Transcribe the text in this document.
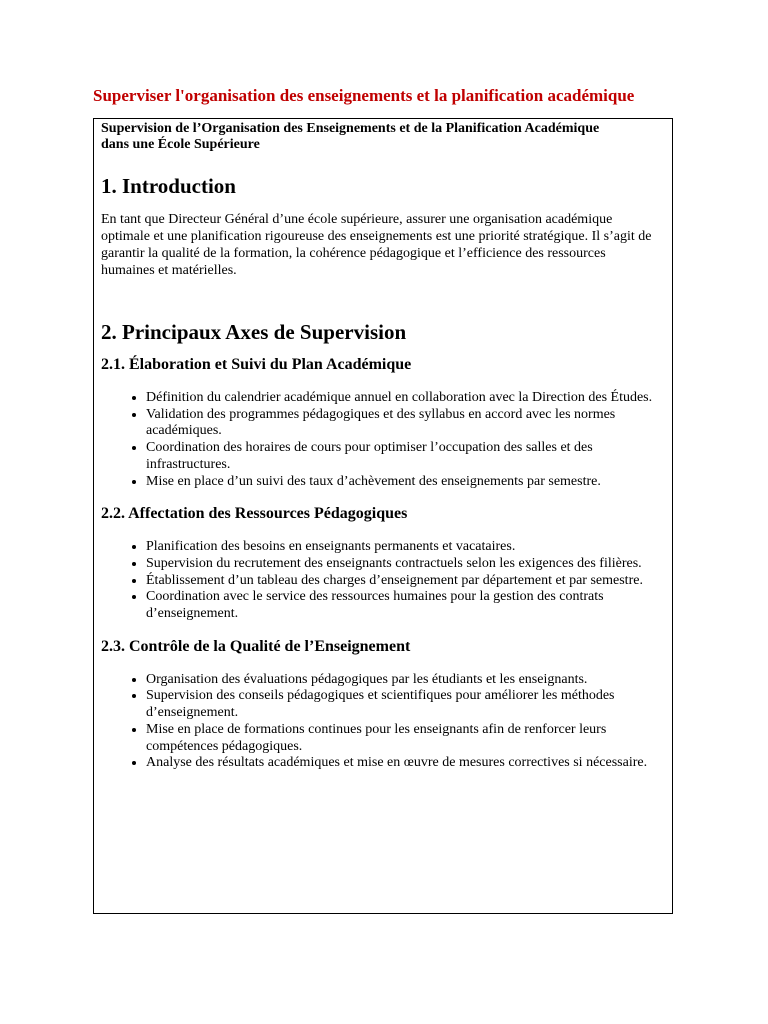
Superviser l'organisation des enseignements et la planification académique

Supervision de l’Organisation des Enseignements et de la Planification Académique
dans une École Supérieure

1. Introduction

En tant que Directeur Général d’une école supérieure, assurer une organisation académique optimale et une planification rigoureuse des enseignements est une priorité stratégique. Il s’agit de garantir la qualité de la formation, la cohérence pédagogique et l’efficience des ressources humaines et matérielles.

2. Principaux Axes de Supervision
2.1. Élaboration et Suivi du Plan Académique
• Définition du calendrier académique annuel en collaboration avec la Direction des Études.
• Validation des programmes pédagogiques et des syllabus en accord avec les normes académiques.
• Coordination des horaires de cours pour optimiser l’occupation des salles et des infrastructures.
• Mise en place d’un suivi des taux d’achèvement des enseignements par semestre.
2.2. Affectation des Ressources Pédagogiques
• Planification des besoins en enseignants permanents et vacataires.
• Supervision du recrutement des enseignants contractuels selon les exigences des filières.
• Établissement d’un tableau des charges d’enseignement par département et par semestre.
• Coordination avec le service des ressources humaines pour la gestion des contrats d’enseignement.
2.3. Contrôle de la Qualité de l’Enseignement
• Organisation des évaluations pédagogiques par les étudiants et les enseignants.
• Supervision des conseils pédagogiques et scientifiques pour améliorer les méthodes d’enseignement.
• Mise en place de formations continues pour les enseignants afin de renforcer leurs compétences pédagogiques.
• Analyse des résultats académiques et mise en œuvre de mesures correctives si nécessaire.
